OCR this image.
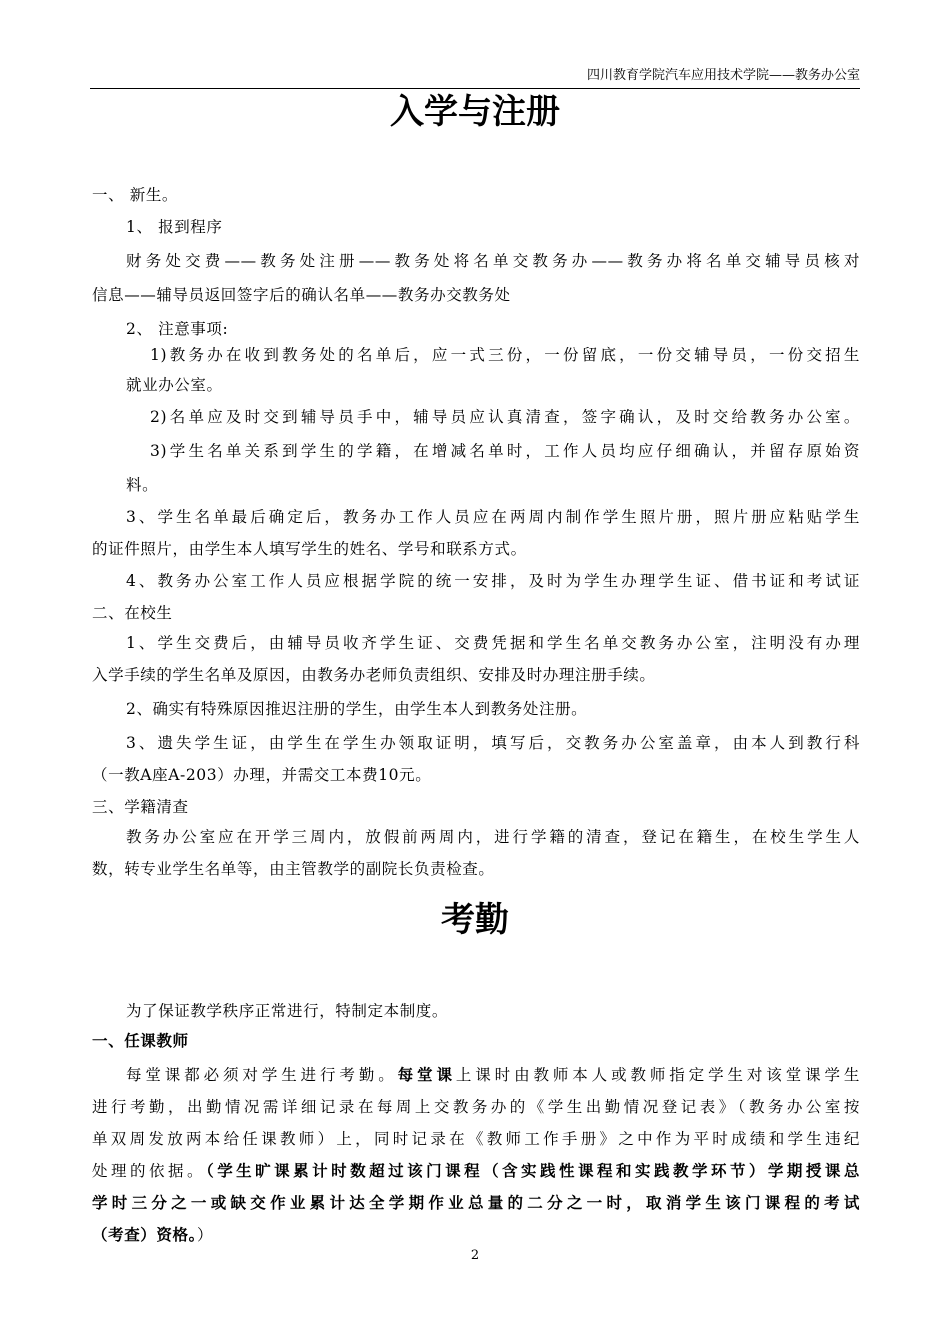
四川教育学院汽车应用技术学院——教务办公室
入学与注册
一、 新生。
1、 报到程序
财务处交费——教务处注册——教务处将名单交教务办——教务办将名单交辅导员核对
信息——辅导员返回签字后的确认名单——教务办交教务处
2、 注意事项:
1)教务办在收到教务处的名单后，应一式三份，一份留底，一份交辅导员，一份交招生
就业办公室。
2)名单应及时交到辅导员手中，辅导员应认真清查，签字确认，及时交给教务办公室。
3)学生名单关系到学生的学籍，在增减名单时，工作人员均应仔细确认，并留存原始资
料。
3、学生名单最后确定后，教务办工作人员应在两周内制作学生照片册，照片册应粘贴学生
的证件照片，由学生本人填写学生的姓名、学号和联系方式。
4、教务办公室工作人员应根据学院的统一安排，及时为学生办理学生证、借书证和考试证
二、在校生
1、学生交费后，由辅导员收齐学生证、交费凭据和学生名单交教务办公室，注明没有办理
入学手续的学生名单及原因，由教务办老师负责组织、安排及时办理注册手续。
2、确实有特殊原因推迟注册的学生，由学生本人到教务处注册。
3、遗失学生证，由学生在学生办领取证明，填写后，交教务办公室盖章，由本人到教行科
（一教A座A-203）办理，并需交工本费10元。
三、学籍清查
教务办公室应在开学三周内，放假前两周内，进行学籍的清查，登记在籍生，在校生学生人
数，转专业学生名单等，由主管教学的副院长负责检查。
考勤
为了保证教学秩序正常进行，特制定本制度。
一、任课教师
每堂课都必须对学生进行考勤。每堂课上课时由教师本人或教师指定学生对该堂课学生
进行考勤，出勤情况需详细记录在每周上交教务办的《学生出勤情况登记表》（教务办公室按
单双周发放两本给任课教师）上，同时记录在《教师工作手册》之中作为平时成绩和学生违纪
处理的依据。（学生旷课累计时数超过该门课程（含实践性课程和实践教学环节）学期授课总
学时三分之一或缺交作业累计达全学期作业总量的二分之一时，取消学生该门课程的考试
（考查）资格。）
2
